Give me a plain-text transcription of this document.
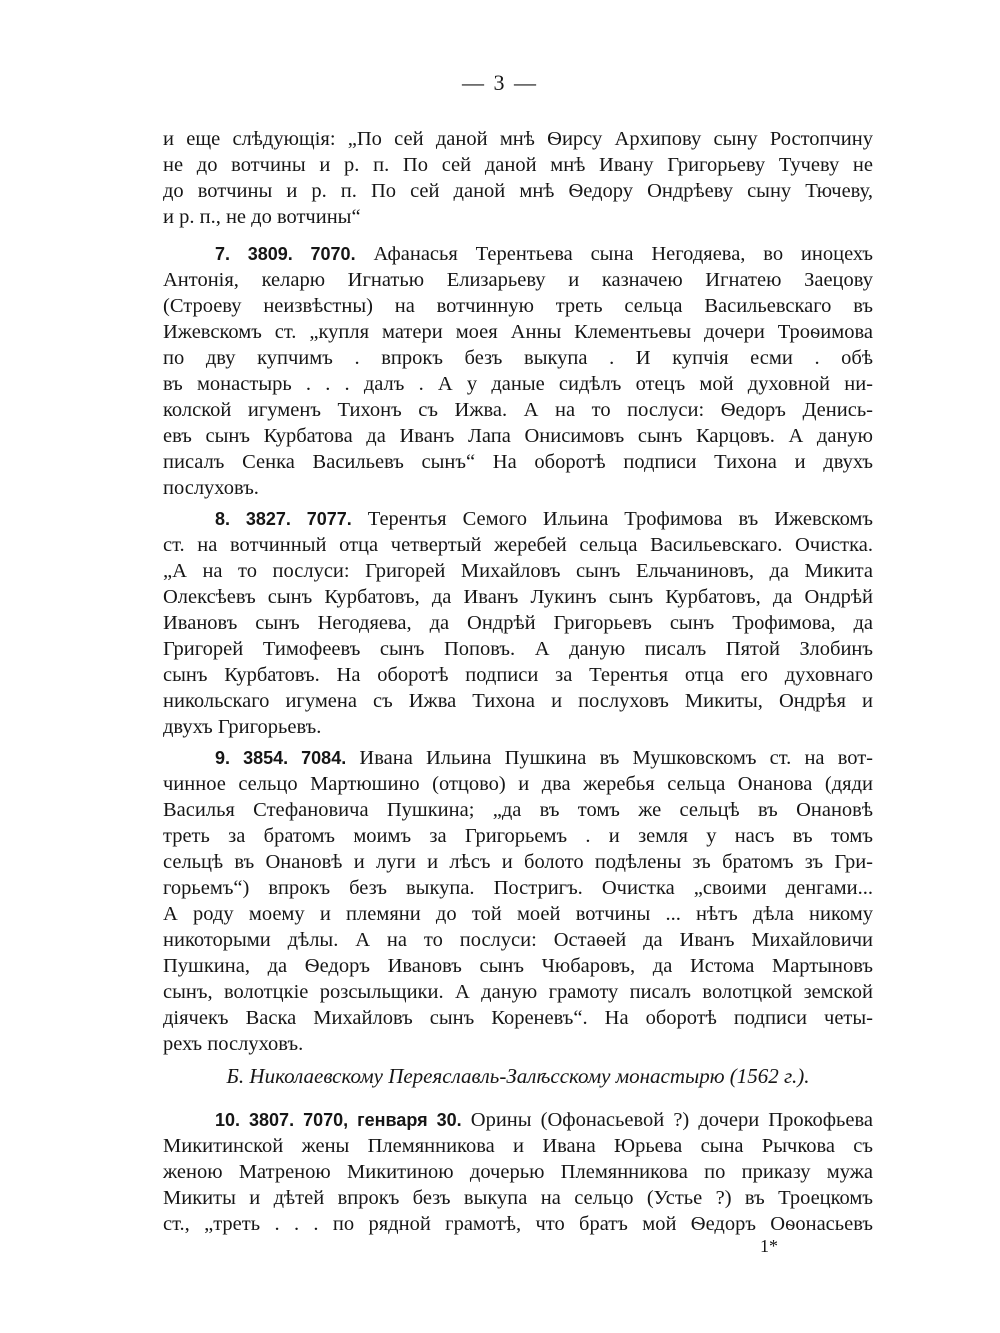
— 3 —
и еще слѣдующія: „По сей даной мнѣ Ѳирсу Архипову сыну Ростопчину
не до вотчины и р. п. По сей даной мнѣ Ивану Григорьеву Тучеву не
до вотчины и р. п. По сей даной мнѣ Ѳедору Ондрѣеву сыну Тючеву,
и р. п., не до вотчины“
7. 3809. 7070. Афанасья Терентьева сына Негодяева, во иноцехъ
Антонія, келарю Игнатью Елизарьеву и казначею Игнатею Заецову
(Строеву неизвѣстны) на вотчинную треть сельца Васильевскаго въ
Ижевскомъ ст. „купля матери моея Анны Клементьевы дочери Троѳимова
по дву купчимъ . впрокъ безъ выкупа . И купчія есми . обѣ
въ монастырь . . . далъ . А у даные сидѣлъ отецъ мой духовной ни-
колской игуменъ Тихонъ съ Ижва. А на то послуси: Ѳедоръ Денись-
евъ сынъ Курбатова да Иванъ Лапа Онисимовъ сынъ Карцовъ. А даную
писалъ Сенка Васильевъ сынъ“ На оборотѣ подписи Тихона и двухъ
послуховъ.
8. 3827. 7077. Терентья Семого Ильина Трофимова въ Ижевскомъ
ст. на вотчинный отца четвертый жеребей сельца Васильевскаго. Очистка.
„А на то послуси: Григорей Михайловъ сынъ Ельчаниновъ, да Микита
Олексѣевъ сынъ Курбатовъ, да Иванъ Лукинъ сынъ Курбатовъ, да Ондрѣй
Ивановъ сынъ Негодяева, да Ондрѣй Григорьевъ сынъ Трофимова, да
Григорей Тимофеевъ сынъ Поповъ. А даную писалъ Пятой Злобинъ
сынъ Курбатовъ. На оборотѣ подписи за Терентья отца его духовнаго
никольскаго игумена съ Ижва Тихона и послуховъ Микиты, Ондрѣя и
двухъ Григорьевъ.
9. 3854. 7084. Ивана Ильина Пушкина въ Мушковскомъ ст. на вот-
чинное сельцо Мартюшино (отцово) и два жеребья сельца Онанова (дяди
Василья Стефановича Пушкина; „да въ томъ же сельцѣ въ Онановѣ
треть за братомъ моимъ за Григорьемъ . и земля у насъ въ томъ
сельцѣ въ Онановѣ и луги и лѣсъ и болото подѣлены зъ братомъ зъ Гри-
горьемъ“) впрокъ безъ выкупа. Постригъ. Очистка „своими денгами...
А роду моему и племяни до той моей вотчины ... нѣтъ дѣла никому
никоторыми дѣлы. А на то послуси: Остаѳей да Иванъ Михайловичи
Пушкина, да Ѳедоръ Ивановъ сынъ Чюбаровъ, да Истома Мартыновъ
сынъ, волотцкіе розсыльщики. А даную грамоту писалъ волотцкой земской
діячекъ Васка Михайловъ сынъ Кореневъ“. На оборотѣ подписи четы-
рехъ послуховъ.
Б. Николаевскому Переяславль-Залѣсскому монастырю (1562 г.).
10. 3807. 7070, генваря 30. Орины (Офонасьевой ?) дочери Прокофьева
Микитинской жены Племянникова и Ивана Юрьева сына Рычкова съ
женою Матреною Микитиною дочерью Племянникова по приказу мужа
Микиты и дѣтей впрокъ безъ выкупа на сельцо (Устье ?) въ Троецкомъ
ст., „треть . . . по рядной грамотѣ, что братъ мой Ѳедоръ Оѳонасьевъ
1*
